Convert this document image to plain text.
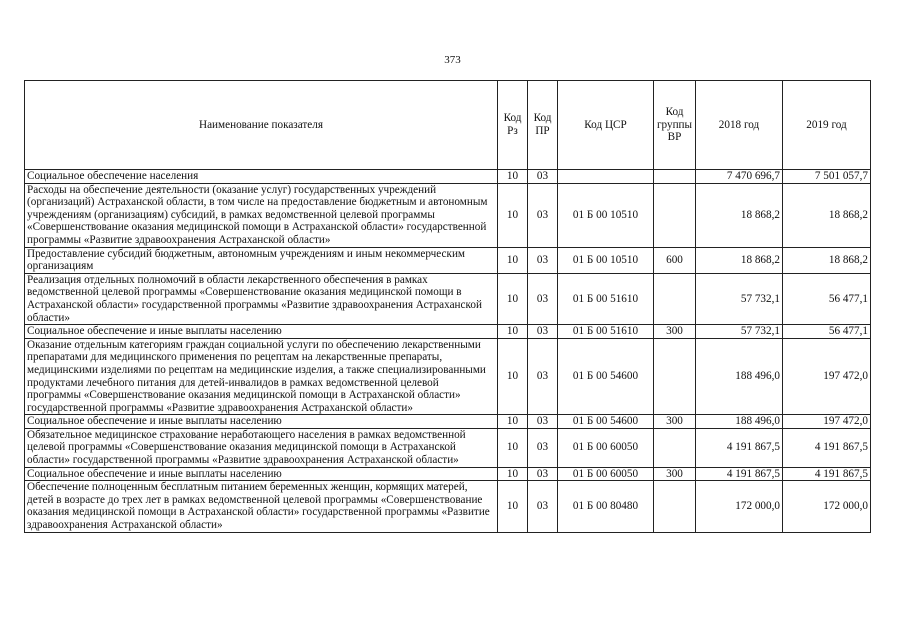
373
Наименование показателя	Код Рз	Код ПР	Код ЦСР	Код группы ВР	2018 год	2019 год
Социальное обеспечение населения	10	03			7 470 696,7	7 501 057,7
Расходы на обеспечение деятельности (оказание услуг) государственных учреждений (организаций) Астраханской области, в том числе на предоставление бюджетным и автономным учреждениям (организациям) субсидий, в рамках ведомственной целевой программы «Совершенствование оказания медицинской помощи в Астраханской области» государственной программы «Развитие здравоохранения Астраханской области»	10	03	01 Б 00 10510		18 868,2	18 868,2
Предоставление субсидий бюджетным, автономным учреждениям и иным некоммерческим организациям	10	03	01 Б 00 10510	600	18 868,2	18 868,2
Реализация отдельных полномочий в области лекарственного обеспечения в рамках ведомственной целевой программы «Совершенствование оказания медицинской помощи в Астраханской области» государственной программы «Развитие здравоохранения Астраханской области»	10	03	01 Б 00 51610		57 732,1	56 477,1
Социальное обеспечение и иные выплаты населению	10	03	01 Б 00 51610	300	57 732,1	56 477,1
Оказание отдельным категориям граждан социальной услуги по обеспечению лекарственными препаратами для медицинского применения по рецептам на лекарственные препараты, медицинскими изделиями по рецептам на медицинские изделия, а также специализированными продуктами лечебного питания для детей-инвалидов в рамках ведомственной целевой программы «Совершенствование оказания медицинской помощи в Астраханской области» государственной программы «Развитие здравоохранения Астраханской области»	10	03	01 Б 00 54600		188 496,0	197 472,0
Социальное обеспечение и иные выплаты населению	10	03	01 Б 00 54600	300	188 496,0	197 472,0
Обязательное медицинское страхование неработающего населения в рамках ведомственной целевой программы «Совершенствование оказания медицинской помощи в Астраханской области» государственной программы «Развитие здравоохранения Астраханской области»	10	03	01 Б 00 60050		4 191 867,5	4 191 867,5
Социальное обеспечение и иные выплаты населению	10	03	01 Б 00 60050	300	4 191 867,5	4 191 867,5
Обеспечение полноценным бесплатным питанием беременных женщин, кормящих матерей, детей в возрасте до трех лет в рамках ведомственной целевой программы «Совершенствование оказания медицинской помощи в Астраханской области» государственной программы «Развитие здравоохранения Астраханской области»	10	03	01 Б 00 80480		172 000,0	172 000,0
